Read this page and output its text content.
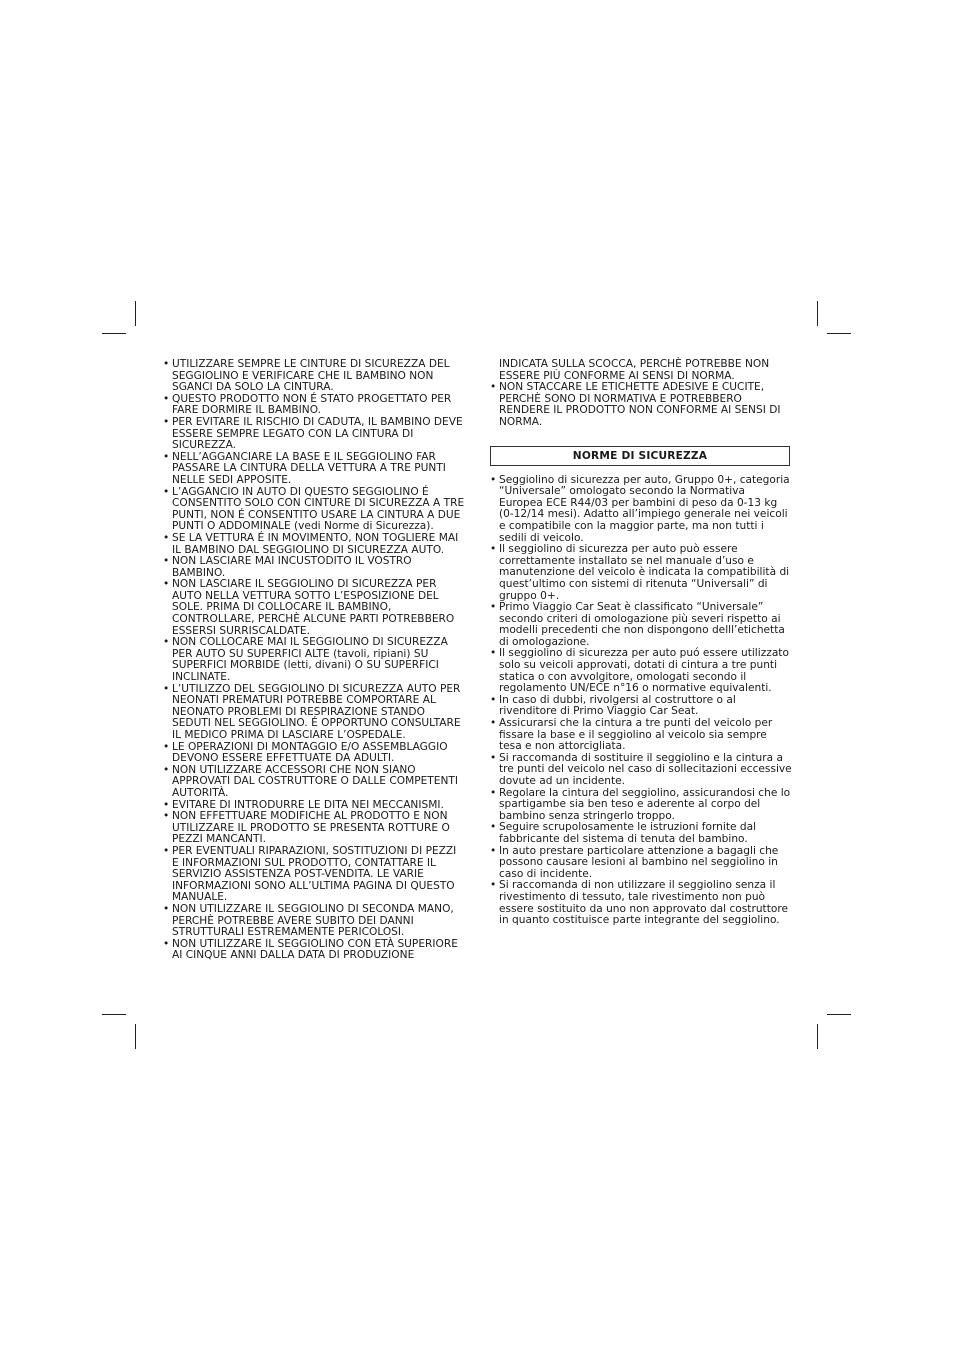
• UTILIZZARE SEMPRE LE CINTURE DI SICUREZZA DEL SEGGIOLINO E VERIFICARE CHE IL BAMBINO NON SGANCI DA SOLO LA CINTURA.
• QUESTO PRODOTTO NON É STATO PROGETTATO PER FARE DORMIRE IL BAMBINO.
• PER EVITARE IL RISCHIO DI CADUTA, IL BAMBINO DEVE ESSERE SEMPRE LEGATO CON LA CINTURA DI SICUREZZA.
• NELL’AGGANCIARE LA BASE E IL SEGGIOLINO FAR PASSARE LA CINTURA DELLA VETTURA A TRE PUNTI NELLE SEDI APPOSITE.
• L’AGGANCIO IN AUTO DI QUESTO SEGGIOLINO É CONSENTITO SOLO CON CINTURE DI SICUREZZA A TRE PUNTI, NON É CONSENTITO USARE LA CINTURA A DUE PUNTI O ADDOMINALE (vedi Norme di Sicurezza).
• SE LA VETTURA É IN MOVIMENTO, NON TOGLIERE MAI IL BAMBINO DAL SEGGIOLINO DI SICUREZZA AUTO.
• NON LASCIARE MAI INCUSTODITO IL VOSTRO BAMBINO.
• NON LASCIARE IL SEGGIOLINO DI SICUREZZA PER AUTO NELLA VETTURA SOTTO L’ESPOSIZIONE DEL SOLE. PRIMA DI COLLOCARE IL BAMBINO, CONTROLLARE, PERCHÈ ALCUNE PARTI POTREBBERO ESSERSI SURRISCALDATE.
• NON COLLOCARE MAI IL SEGGIOLINO DI SICUREZZA PER AUTO SU SUPERFICI ALTE (tavoli, ripiani) SU SUPERFICI MORBIDE (letti, divani) O SU SUPERFICI INCLINATE.
• L’UTILIZZO DEL SEGGIOLINO DI SICUREZZA AUTO PER NEONATI PREMATURI POTREBBE COMPORTARE AL NEONATO PROBLEMI DI RESPIRAZIONE STANDO SEDUTI NEL SEGGIOLINO. É OPPORTUNO CONSULTARE IL MEDICO PRIMA DI LASCIARE L’OSPEDALE.
• LE OPERAZIONI DI MONTAGGIO E/O ASSEMBLAGGIO DEVONO ESSERE EFFETTUATE DA ADULTI.
• NON UTILIZZARE ACCESSORI CHE NON SIANO APPROVATI DAL COSTRUTTORE O DALLE COMPETENTI AUTORITÀ.
• EVITARE DI INTRODURRE LE DITA NEI MECCANISMI.
• NON EFFETTUARE MODIFICHE AL PRODOTTO E NON UTILIZZARE IL PRODOTTO SE PRESENTA ROTTURE O PEZZI MANCANTI.
• PER EVENTUALI RIPARAZIONI, SOSTITUZIONI DI PEZZI E INFORMAZIONI SUL PRODOTTO, CONTATTARE IL SERVIZIO ASSISTENZA POST-VENDITA. LE VARIE INFORMAZIONI SONO ALL’ULTIMA PAGINA DI QUESTO MANUALE.
• NON UTILIZZARE IL SEGGIOLINO DI SECONDA MANO, PERCHÈ POTREBBE AVERE SUBITO DEI DANNI STRUTTURALI ESTREMAMENTE PERICOLOSI.
• NON UTILIZZARE IL SEGGIOLINO CON ETÀ SUPERIORE AI CINQUE ANNI DALLA DATA DI PRODUZIONE

INDICATA SULLA SCOCCA, PERCHÈ POTREBBE NON ESSERE PIÙ CONFORME AI SENSI DI NORMA.

• NON STACCARE LE ETICHETTE ADESIVE E CUCITE, PERCHÈ SONO DI NORMATIVA E POTREBBERO RENDERE IL PRODOTTO NON CONFORME AI SENSI DI NORMA.
NORME DI SICUREZZA
• Seggiolino di sicurezza per auto, Gruppo 0+, categoria “Universale” omologato secondo la Normativa Europea ECE R44/03 per bambini di peso da 0-13 kg (0-12/14 mesi). Adatto all’impiego generale nei veicoli e compatibile con la maggior parte, ma non tutti i sedili di veicolo.
• Il seggiolino di sicurezza per auto può essere correttamente installato se nel manuale d’uso e manutenzione del veicolo è indicata la compatibilità di quest’ultimo con sistemi di ritenuta “Universali” di gruppo 0+.
• Primo Viaggio Car Seat è classificato “Universale” secondo criteri di omologazione più severi rispetto ai modelli precedenti che non dispongono delll’etichetta di omologazione.
• Il seggiolino di sicurezza per auto puó essere utilizzato solo su veicoli approvati, dotati di cintura a tre punti statica o con avvolgitore, omologati secondo il regolamento UN/ECE n°16 o normative equivalenti.
• In caso di dubbi, rivolgersi al costruttore o al rivenditore di Primo Viaggio Car Seat.
• Assicurarsi che la cintura a tre punti del veicolo per fissare la base e il seggiolino al veicolo sia sempre tesa e non attorcigliata.
• Si raccomanda di sostituire il seggiolino e la cintura a tre punti del veicolo nel caso di sollecitazioni eccessive dovute ad un incidente.
• Regolare la cintura del seggiolino, assicurandosi che lo spartigambe sia ben teso e aderente al corpo del bambino senza stringerlo troppo.
• Seguire scrupolosamente le istruzioni fornite dal fabbricante del sistema di tenuta del bambino.
• In auto prestare particolare attenzione a bagagli che possono causare lesioni al bambino nel seggiolino in caso di incidente.
• Si raccomanda di non utilizzare il seggiolino senza il rivestimento di tessuto, tale rivestimento non può essere sostituito da uno non approvato dal costruttore in quanto costituisce parte integrante del seggiolino.
